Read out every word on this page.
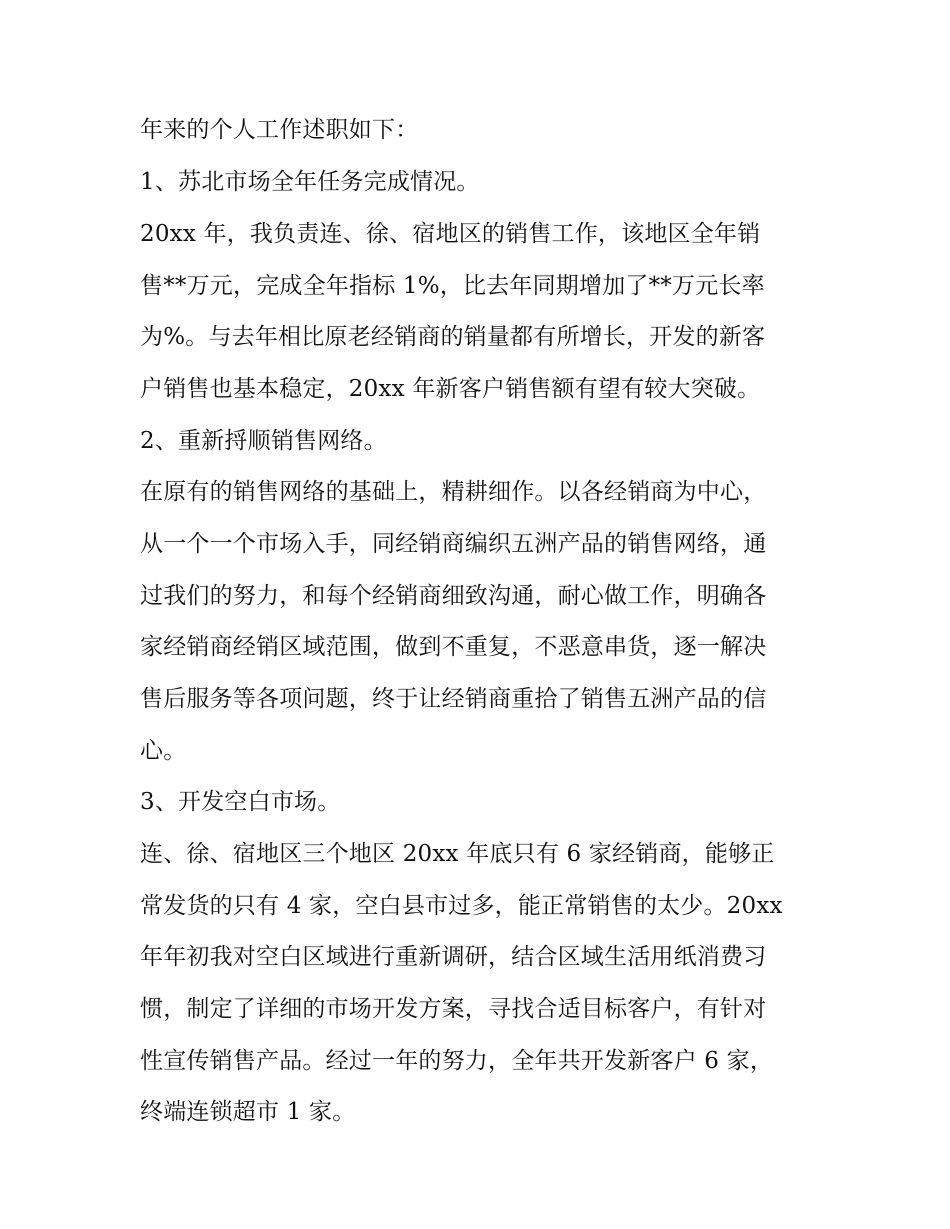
年来的个人工作述职如下：
1、苏北市场全年任务完成情况。
20xx 年，我负责连、徐、宿地区的销售工作，该地区全年销
售**万元，完成全年指标 1%，比去年同期增加了**万元长率
为%。与去年相比原老经销商的销量都有所增长，开发的新客
户销售也基本稳定，20xx 年新客户销售额有望有较大突破。
2、重新捋顺销售网络。
在原有的销售网络的基础上，精耕细作。以各经销商为中心，
从一个一个市场入手，同经销商编织五洲产品的销售网络，通
过我们的努力，和每个经销商细致沟通，耐心做工作，明确各
家经销商经销区域范围，做到不重复，不恶意串货，逐一解决
售后服务等各项问题，终于让经销商重拾了销售五洲产品的信
心。
3、开发空白市场。
连、徐、宿地区三个地区 20xx 年底只有 6 家经销商，能够正
常发货的只有 4 家，空白县市过多，能正常销售的太少。20xx
年年初我对空白区域进行重新调研，结合区域生活用纸消费习
惯，制定了详细的市场开发方案，寻找合适目标客户，有针对
性宣传销售产品。经过一年的努力，全年共开发新客户 6 家，
终端连锁超市 1 家。
